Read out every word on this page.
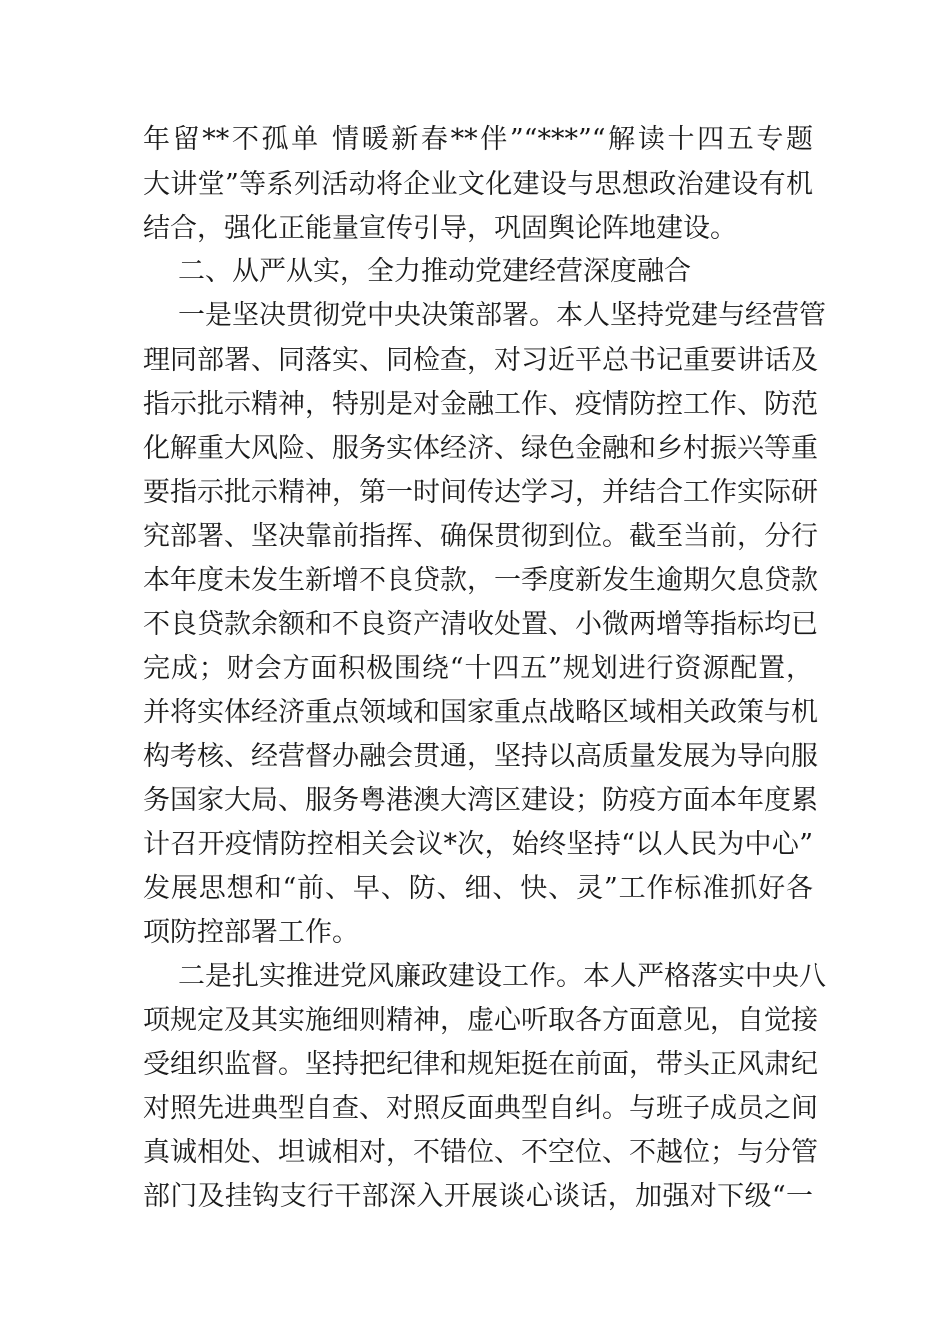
年留**不孤单 情暖新春**伴”“***”“解读十四五专题
大讲堂”等系列活动将企业文化建设与思想政治建设有机
结合，强化正能量宣传引导，巩固舆论阵地建设。
二、从严从实，全力推动党建经营深度融合
一是坚决贯彻党中央决策部署。本人坚持党建与经营管
理同部署、同落实、同检查，对习近平总书记重要讲话及
指示批示精神，特别是对金融工作、疫情防控工作、防范
化解重大风险、服务实体经济、绿色金融和乡村振兴等重
要指示批示精神，第一时间传达学习，并结合工作实际研
究部署、坚决靠前指挥、确保贯彻到位。截至当前，分行
本年度未发生新增不良贷款，一季度新发生逾期欠息贷款
不良贷款余额和不良资产清收处置、小微两增等指标均已
完成；财会方面积极围绕“十四五”规划进行资源配置，
并将实体经济重点领域和国家重点战略区域相关政策与机
构考核、经营督办融会贯通，坚持以高质量发展为导向服
务国家大局、服务粤港澳大湾区建设；防疫方面本年度累
计召开疫情防控相关会议*次，始终坚持“以人民为中心”
发展思想和“前、早、防、细、快、灵”工作标准抓好各
项防控部署工作。
二是扎实推进党风廉政建设工作。本人严格落实中央八
项规定及其实施细则精神，虚心听取各方面意见，自觉接
受组织监督。坚持把纪律和规矩挺在前面，带头正风肃纪
对照先进典型自查、对照反面典型自纠。与班子成员之间
真诚相处、坦诚相对，不错位、不空位、不越位；与分管
部门及挂钩支行干部深入开展谈心谈话，加强对下级“一
